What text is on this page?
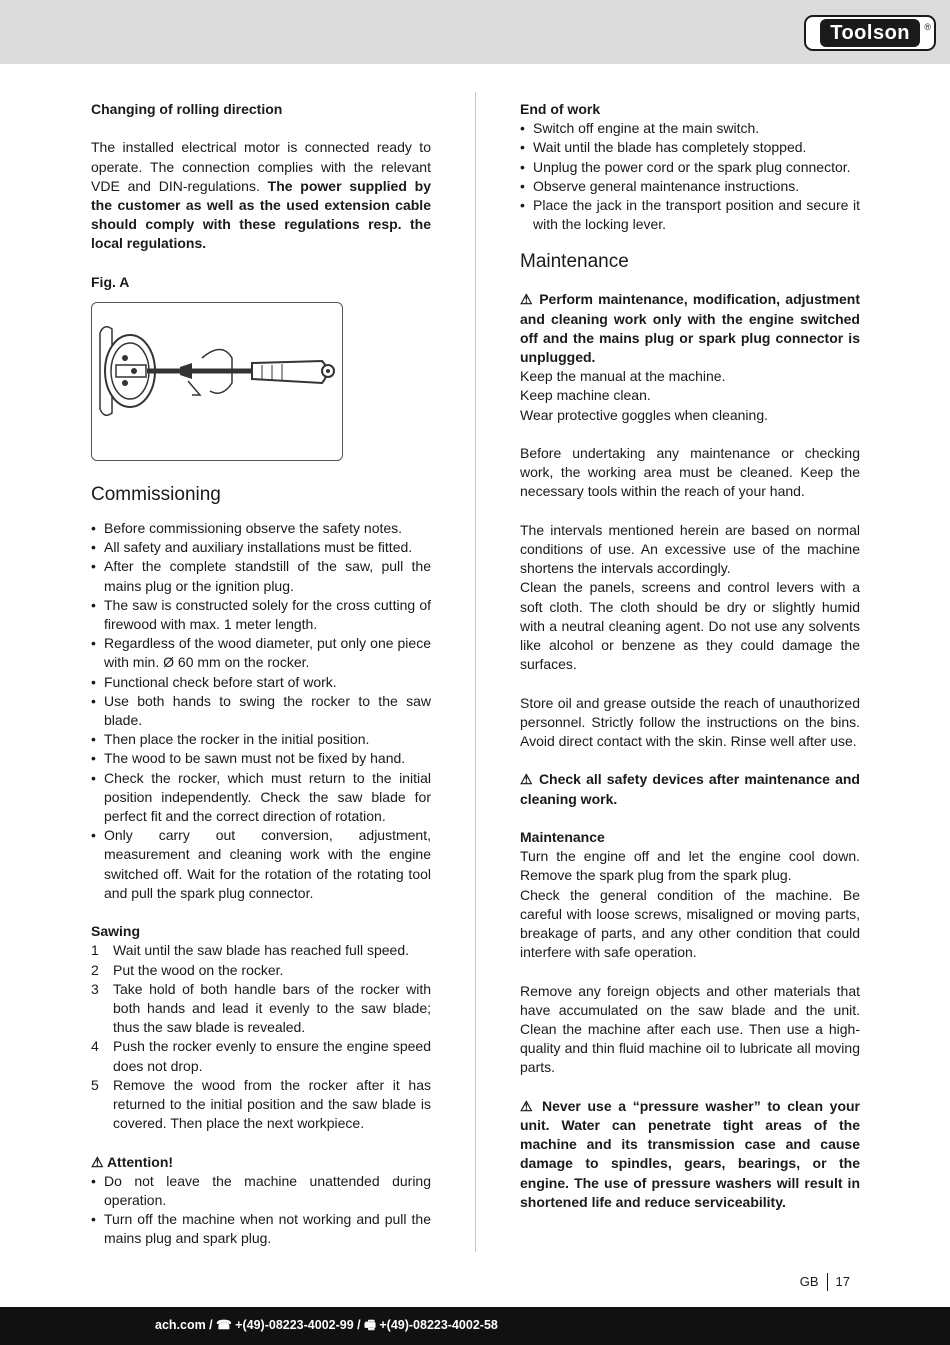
Toolson	®
Changing of rolling direction

The installed electrical motor is connected ready to operate. The connection complies with the relevant VDE and DIN-regulations. The power supplied by the customer as well as the used extension cable should comply with these regulations resp. the local regulations.

Fig. A
Commissioning
• Before commissioning observe the safety notes.
• All safety and auxiliary installations must be fitted.
• After the complete standstill of the saw, pull the mains plug or the ignition plug.
• The saw is constructed solely for the cross cutting of firewood with max. 1 meter length.
• Regardless of the wood diameter, put only one piece with min. Ø 60 mm on the rocker.
• Functional check before start of work.
• Use both hands to swing the rocker to the saw blade.
• Then place the rocker in the initial position.
• The wood to be sawn must not be fixed by hand.
• Check the rocker, which must return to the initial position independently. Check the saw blade for perfect fit and the correct direction of rotation.
• Only carry out conversion, adjustment, measurement and cleaning work with the engine switched off. Wait for the rotation of the rotating tool and pull the spark plug connector.
Sawing
1 Wait until the saw blade has reached full speed.
2 Put the wood on the rocker.
3 Take hold of both handle bars of the rocker with both hands and lead it evenly to the saw blade; thus the saw blade is revealed.
4 Push the rocker evenly to ensure the engine speed does not drop.
5 Remove the wood from the rocker after it has returned to the initial position and the saw blade is covered. Then place the next workpiece.
⚠ Attention!
• Do not leave the machine unattended during operation.
• Turn off the machine when not working and pull the mains plug and spark plug.
End of work
• Switch off engine at the main switch.
• Wait until the blade has completely stopped.
• Unplug the power cord or the spark plug connector.
• Observe general maintenance instructions.
• Place the jack in the transport position and secure it with the locking lever.
Maintenance

⚠ Perform maintenance, modification, adjustment and cleaning work only with the engine switched off and the mains plug or spark plug connector is unplugged.

Keep the manual at the machine.

Keep machine clean.

Wear protective goggles when cleaning.

Before undertaking any maintenance or checking work, the working area must be cleaned. Keep the necessary tools within the reach of your hand.

The intervals mentioned herein are based on normal conditions of use. An excessive use of the machine shortens the intervals accordingly.

Clean the panels, screens and control levers with a soft cloth. The cloth should be dry or slightly humid with a neutral cleaning agent. Do not use any solvents like alcohol or benzene as they could damage the surfaces.

Store oil and grease outside the reach of unauthorized personnel. Strictly follow the instructions on the bins. Avoid direct contact with the skin. Rinse well after use.

⚠ Check all safety devices after maintenance and cleaning work.

Maintenance

Turn the engine off and let the engine cool down. Remove the spark plug from the spark plug.

Check the general condition of the machine. Be careful with loose screws, misaligned or moving parts, breakage of parts, and any other condition that could interfere with safe operation.

Remove any foreign objects and other materials that have accumulated on the saw blade and the unit. Clean the machine after each use. Then use a high-quality and thin fluid machine oil to lubricate all moving parts.

⚠ Never use a “pressure washer” to clean your unit. Water can penetrate tight areas of the machine and its transmission case and cause damage to spindles, gears, bearings, or the engine. The use of pressure washers will result in shortened life and reduce serviceability.

GB 17
ach.com / ☎ +(49)-08223-4002-99 / 🖷 +(49)-08223-4002-58
